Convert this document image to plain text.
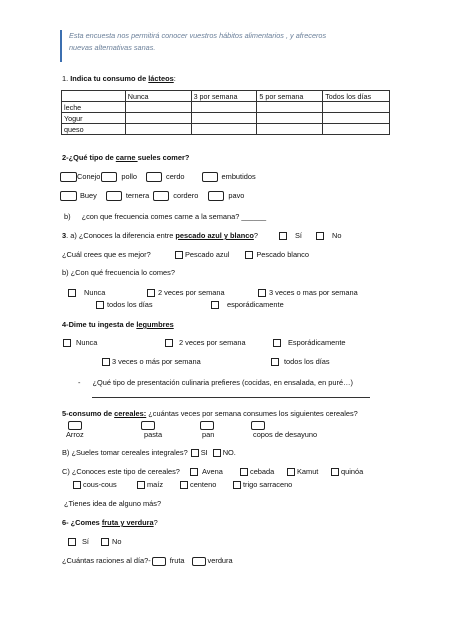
Esta encuesta nos permitirá conocer vuestros hábitos alimentarios , y afreceros
nuevas alternativas sanas.
1. Indica tu consumo de lácteos:
	Nunca	3 por semana	5 por semana	Todos los días
leche				
Yogur				
queso				
2-¿Qué tipo de carne sueles comer?
Conejo	pollo	cerdo	embutidos
Buey	ternera	cordero	pavo
b) ¿con que frecuencia comes carne a la semana? ______
3. a) ¿Conoces la diferencia entre pescado azul y blanco?	Sí	No
¿Cuál crees que es mejor?	Pescado azul	Pescado blanco
b) ¿Con qué frecuencia lo comes?
Nunca	2 veces por semana	3 veces o mas por semana
todos los días	esporádicamente
4-Dime tu ingesta de legumbres
Nunca	2 veces por semana	Esporádicamente
3 veces o más por semana	todos los días
- ¿Qué tipo de presentación culinaria prefieres (cocidas, en ensalada, en puré…)
5-consumo de cereales: ¿cuántas veces por semana consumes los siguientes cereales?
Arroz	pasta	pan	copos de desayuno
B) ¿Sueles tomar cereales integrales? SI NO.
C) ¿Conoces este tipo de cereales?	Avena	cebada	Kamut	quinóa
cous-cous	maíz	centeno	trigo sarraceno
¿Tienes idea de alguno más?
6- ¿Comes fruta y verdura?
Sí	No
¿Cuántas raciones al día?-	fruta	verdura
